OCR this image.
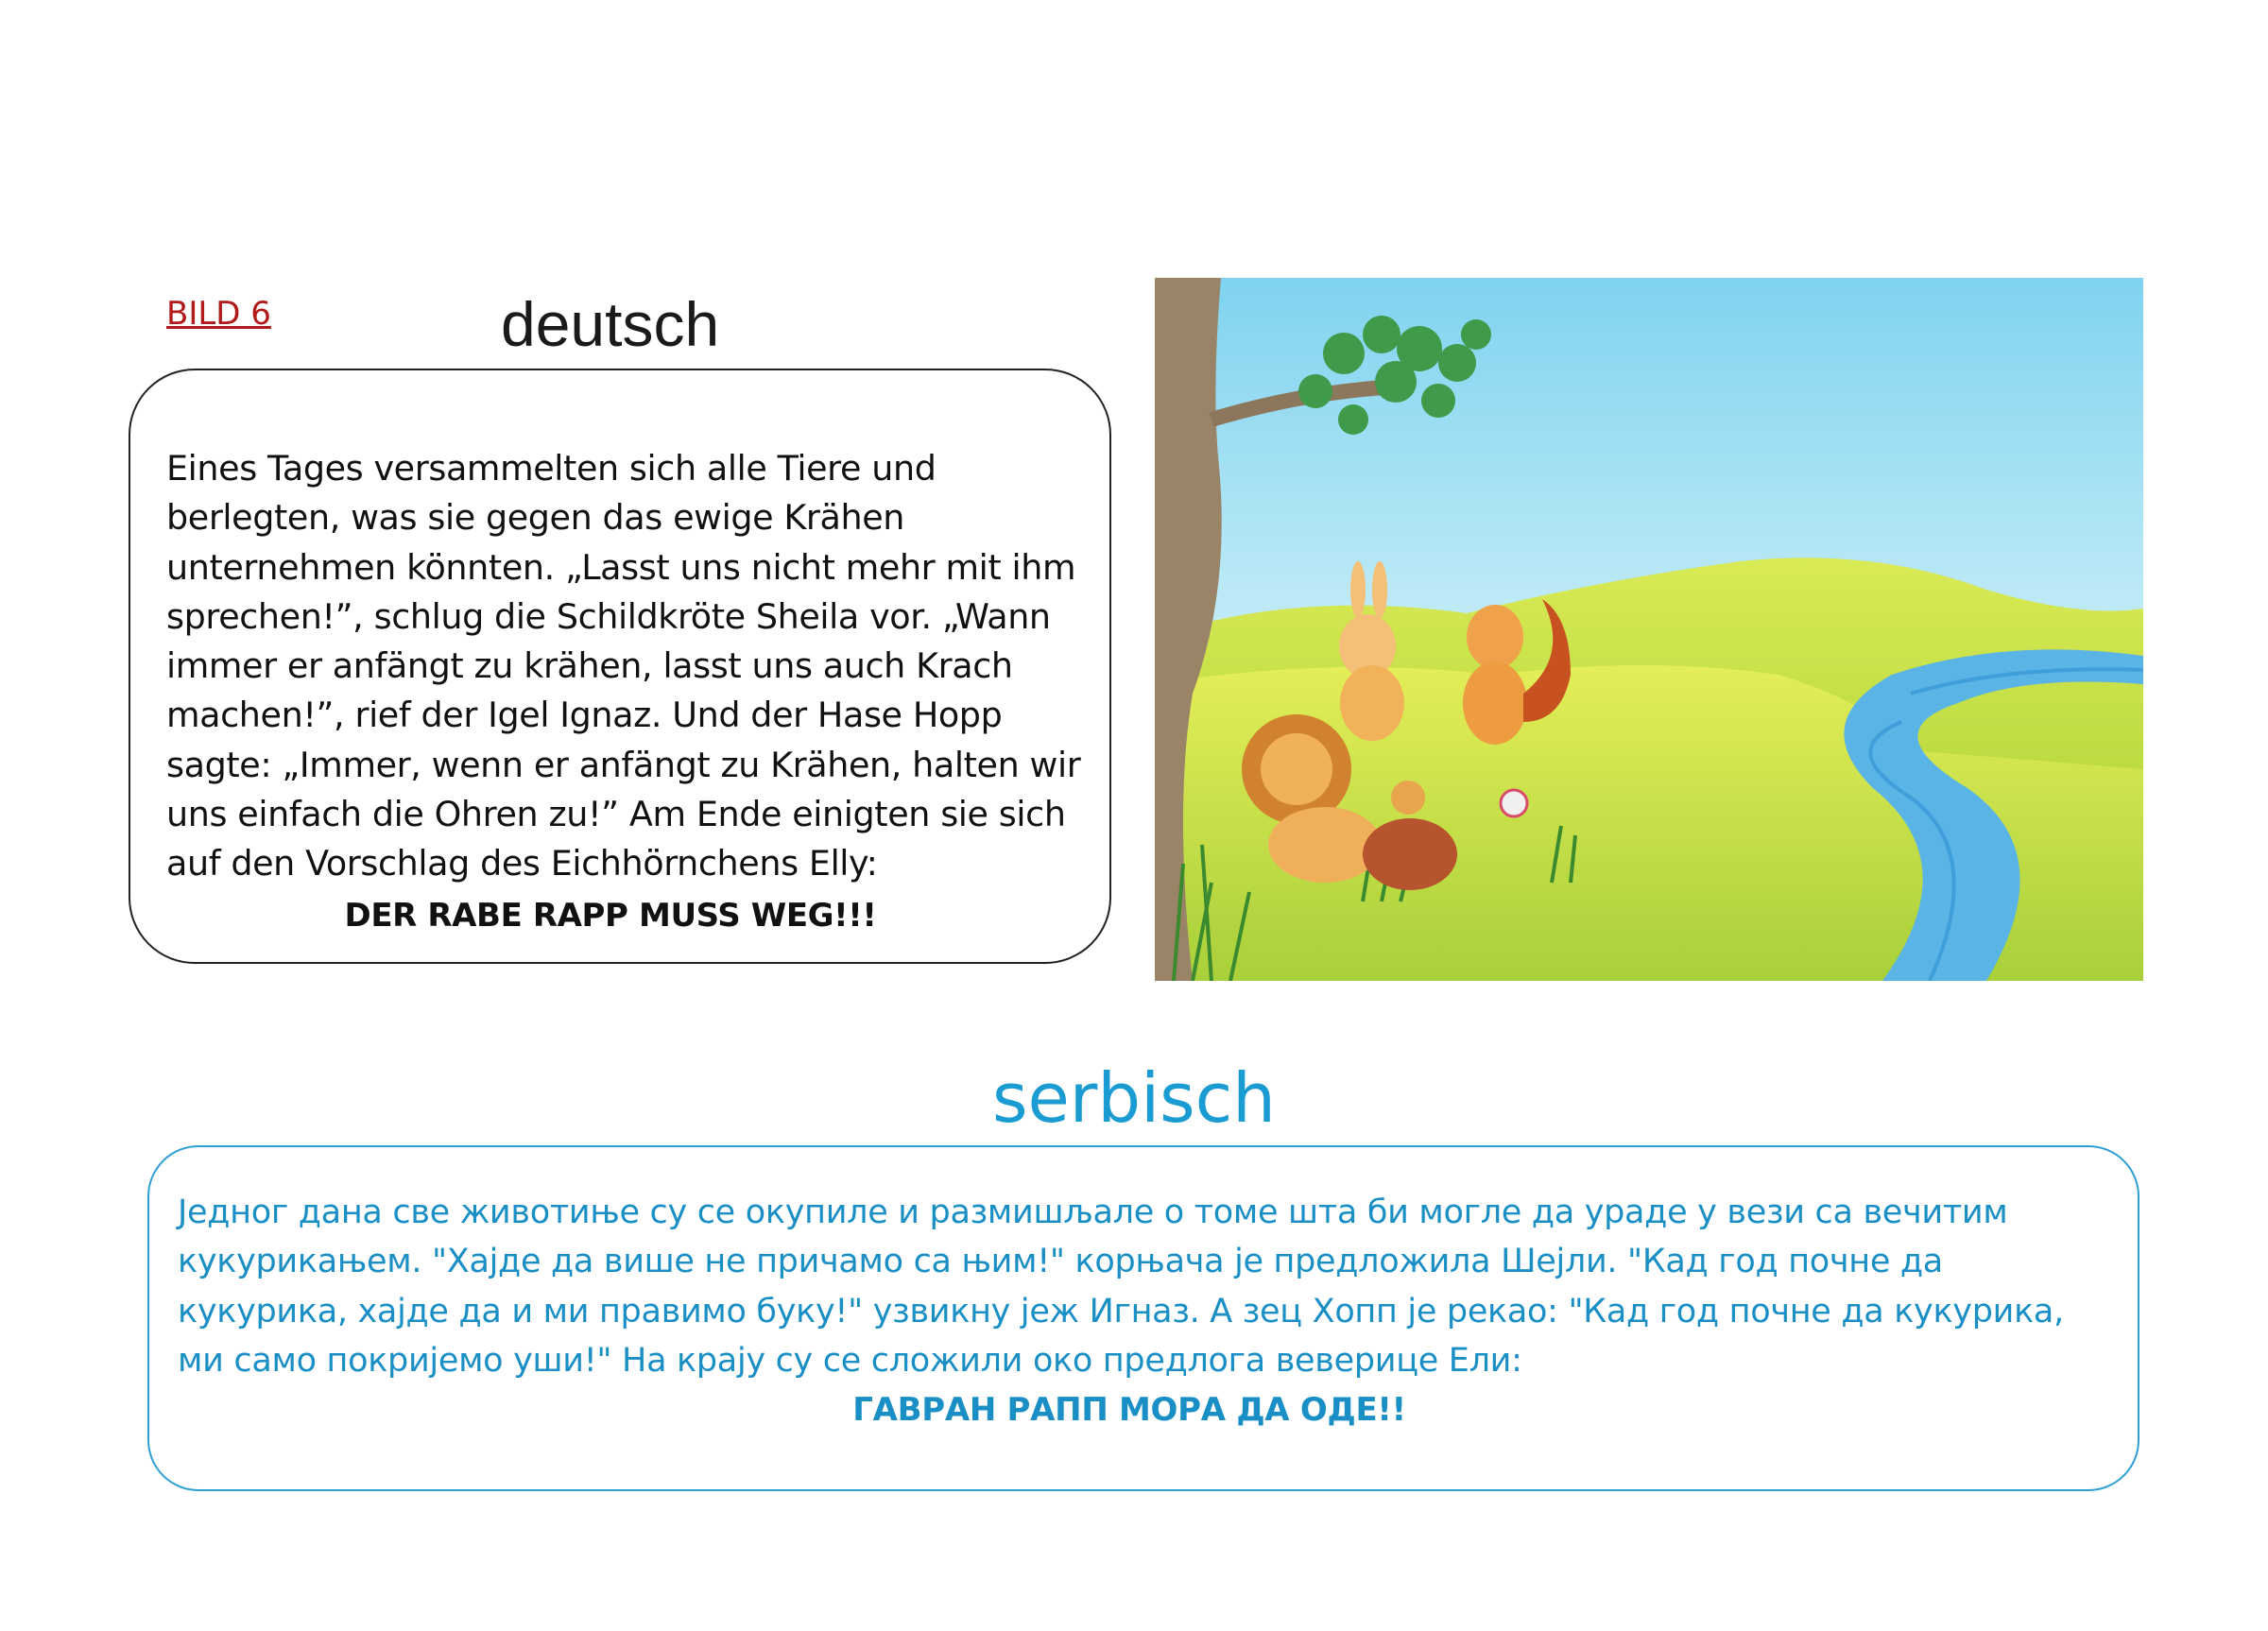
BILD 6	deutsch

Eines Tages versammelten sich alle Tiere und berlegten, was sie gegen das ewige Krähen unternehmen könnten. „Lasst uns nicht mehr mit ihm sprechen!”, schlug die Schildkröte Sheila vor. „Wann immer er anfängt zu krähen, lasst uns auch Krach machen!”, rief der Igel Ignaz. Und der Hase Hopp sagte: „Immer, wenn er anfängt zu Krähen, halten wir uns einfach die Ohren zu!” Am Ende einigten sie sich auf den Vorschlag des Eichhörnchens Elly:

DER RABE RAPP MUSS WEG!!!

serbisch

Једног дана све животиње су се окупиле и размишљале о томе шта би могле да ураде у вези са вечитим кукурикањем. "Хајде да више не причамо са њим!" корњача је предложила Шејли. "Кад год почне да кукурика, хајде да и ми правимо буку!" узвикну јеж Игназ. А зец Хопп је рекао: "Кад год почне да кукурика, ми само покријемо уши!" На крају су се сложили око предлога веверице Ели:

ГАВРАН РАПП МОРА ДА ОДЕ!!
